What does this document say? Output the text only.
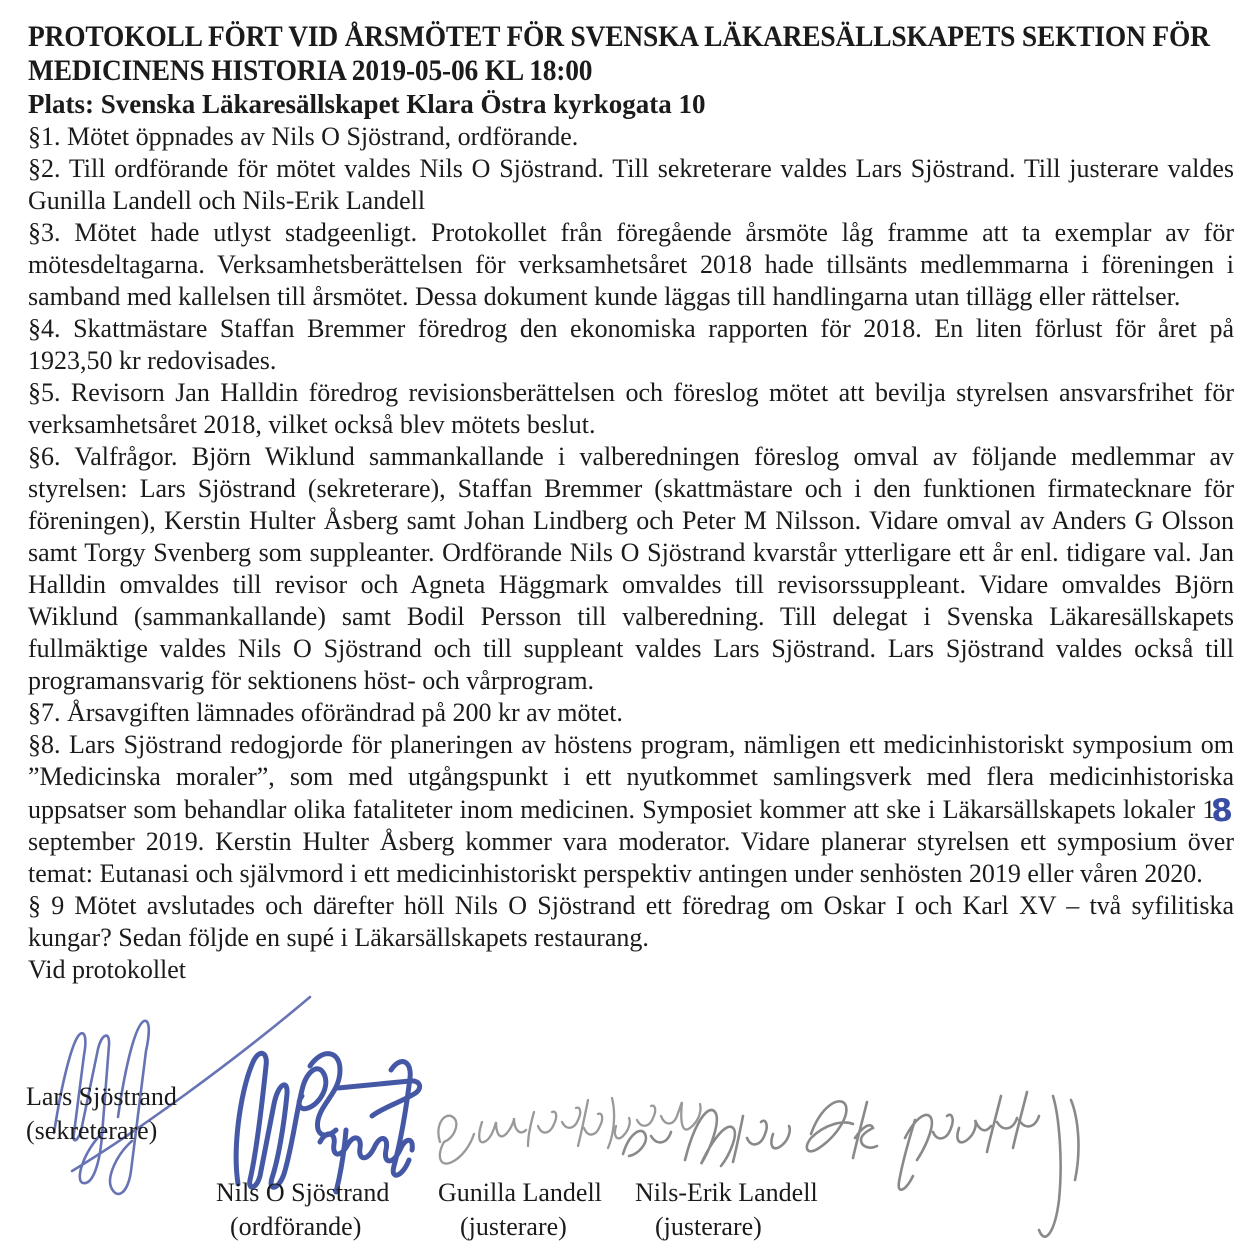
PROTOKOLL FÖRT VID ÅRSMÖTET FÖR SVENSKA LÄKARESÄLLSKAPETS SEKTION FÖR
MEDICINENS HISTORIA 2019-05-06 KL 18:00

Plats: Svenska Läkaresällskapet Klara Östra kyrkogata 10

§1. Mötet öppnades av Nils O Sjöstrand, ordförande.

§2. Till ordförande för mötet valdes Nils O Sjöstrand. Till sekreterare valdes Lars Sjöstrand. Till justerare valdes Gunilla Landell och Nils-Erik Landell

§3. Mötet hade utlyst stadgeenligt. Protokollet från föregående årsmöte låg framme att ta exemplar av för mötesdeltagarna. Verksamhetsberättelsen för verksamhetsåret 2018 hade tillsänts medlemmarna i föreningen i samband med kallelsen till årsmötet. Dessa dokument kunde läggas till handlingarna utan tillägg eller rättelser.

§4. Skattmästare Staffan Bremmer föredrog den ekonomiska rapporten för 2018. En liten förlust för året på 1923,50 kr redovisades.

§5. Revisorn Jan Halldin föredrog revisionsberättelsen och föreslog mötet att bevilja styrelsen ansvarsfrihet för verksamhetsåret 2018, vilket också blev mötets beslut.

§6. Valfrågor. Björn Wiklund sammankallande i valberedningen föreslog omval av följande medlemmar av styrelsen: Lars Sjöstrand (sekreterare), Staffan Bremmer (skattmästare och i den funktionen firmatecknare för föreningen), Kerstin Hulter Åsberg samt Johan Lindberg och Peter M Nilsson. Vidare omval av Anders G Olsson samt Torgy Svenberg som suppleanter. Ordförande Nils O Sjöstrand kvarstår ytterligare ett år enl. tidigare val. Jan Halldin omvaldes till revisor och Agneta Häggmark omvaldes till revisorssuppleant. Vidare omvaldes Björn Wiklund (sammankallande) samt Bodil Persson till valberedning. Till delegat i Svenska Läkaresällskapets fullmäktige valdes Nils O Sjöstrand och till suppleant valdes Lars Sjöstrand. Lars Sjöstrand valdes också till programansvarig för sektionens höst- och vårprogram.

§7. Årsavgiften lämnades oförändrad på 200 kr av mötet.

§8. Lars Sjöstrand redogjorde för planeringen av höstens program, nämligen ett medicinhistoriskt symposium om ”Medicinska moraler”, som med utgångspunkt i ett nyutkommet samlingsverk med flera medicinhistoriska uppsatser som behandlar olika fataliteter inom medicinen. Symposiet kommer att ske i Läkarsällskapets lokaler 18 september 2019. Kerstin Hulter Åsberg kommer vara moderator. Vidare planerar styrelsen ett symposium över temat: Eutanasi och självmord i ett medicinhistoriskt perspektiv antingen under senhösten 2019 eller våren 2020.

§ 9 Mötet avslutades och därefter höll Nils O Sjöstrand ett föredrag om Oskar I och Karl XV – två syfilitiska kungar? Sedan följde en supé i Läkarsällskapets restaurang.

Vid protokollet

Lars Sjöstrand
(sekreterare)
Nils O Sjöstrand
(ordförande)
Gunilla Landell
(justerare)
Nils-Erik Landell
(justerare)
